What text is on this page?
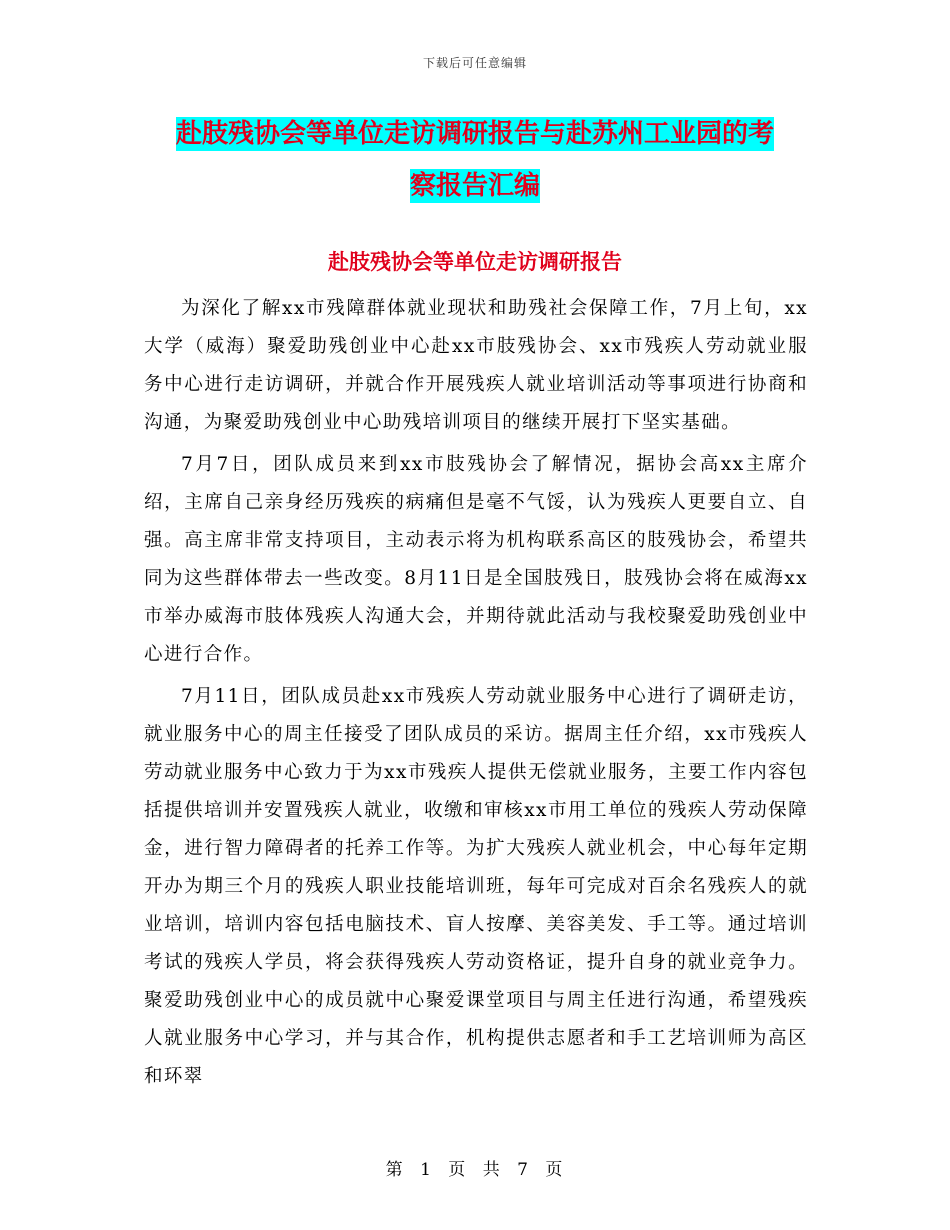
下载后可任意编辑
赴肢残协会等单位走访调研报告与赴苏州工业园的考
察报告汇编
赴肢残协会等单位走访调研报告

为深化了解xx市残障群体就业现状和助残社会保障工作，7月上旬，xx大学（威海）聚爱助残创业中心赴xx市肢残协会、xx市残疾人劳动就业服务中心进行走访调研，并就合作开展残疾人就业培训活动等事项进行协商和沟通，为聚爱助残创业中心助残培训项目的继续开展打下坚实基础。

7月7日，团队成员来到xx市肢残协会了解情况，据协会高xx主席介绍，主席自己亲身经历残疾的病痛但是毫不气馁，认为残疾人更要自立、自强。高主席非常支持项目，主动表示将为机构联系高区的肢残协会，希望共同为这些群体带去一些改变。8月11日是全国肢残日，肢残协会将在威海xx市举办威海市肢体残疾人沟通大会，并期待就此活动与我校聚爱助残创业中心进行合作。

7月11日，团队成员赴xx市残疾人劳动就业服务中心进行了调研走访，就业服务中心的周主任接受了团队成员的采访。据周主任介绍，xx市残疾人劳动就业服务中心致力于为xx市残疾人提供无偿就业服务，主要工作内容包括提供培训并安置残疾人就业，收缴和审核xx市用工单位的残疾人劳动保障金，进行智力障碍者的托养工作等。为扩大残疾人就业机会，中心每年定期开办为期三个月的残疾人职业技能培训班，每年可完成对百余名残疾人的就业培训，培训内容包括电脑技术、盲人按摩、美容美发、手工等。通过培训考试的残疾人学员，将会获得残疾人劳动资格证，提升自身的就业竞争力。聚爱助残创业中心的成员就中心聚爱课堂项目与周主任进行沟通，希望残疾人就业服务中心学习，并与其合作，机构提供志愿者和手工艺培训师为高区和环翠

第 1 页 共 7 页
